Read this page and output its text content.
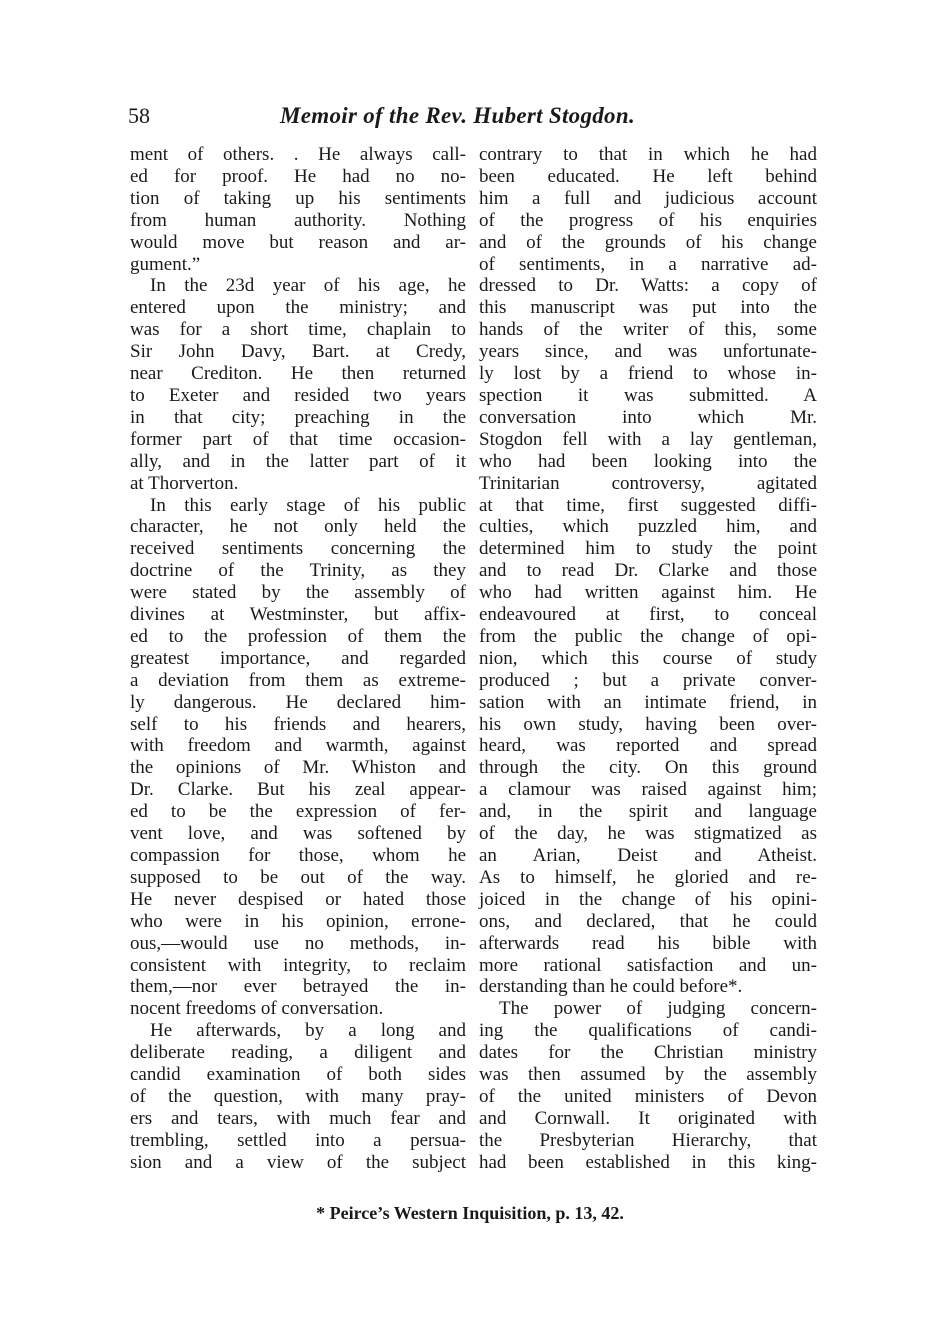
58	Memoir of the Rev. Hubert Stogdon.
ment of others. . He always call-
ed for proof. He had no no-
tion of taking up his sentiments
from human authority. Nothing
would move but reason and ar-
gument.”
In the 23d year of his age, he
entered upon the ministry; and
was for a short time, chaplain to
Sir John Davy, Bart. at Credy,
near Crediton. He then returned
to Exeter and resided two years
in that city; preaching in the
former part of that time occasion-
ally, and in the latter part of it
at Thorverton.
In this early stage of his public
character, he not only held the
received sentiments concerning the
doctrine of the Trinity, as they
were stated by the assembly of
divines at Westminster, but affix-
ed to the profession of them the
greatest importance, and regarded
a deviation from them as extreme-
ly dangerous. He declared him-
self to his friends and hearers,
with freedom and warmth, against
the opinions of Mr. Whiston and
Dr. Clarke. But his zeal appear-
ed to be the expression of fer-
vent love, and was softened by
compassion for those, whom he
supposed to be out of the way.
He never despised or hated those
who were in his opinion, errone-
ous,—would use no methods, in-
consistent with integrity, to reclaim
them,—nor ever betrayed the in-
nocent freedoms of conversation.
He afterwards, by a long and
deliberate reading, a diligent and
candid examination of both sides
of the question, with many pray-
ers and tears, with much fear and
trembling, settled into a persua-
sion and a view of the subject
contrary to that in which he had
been educated. He left behind
him a full and judicious account
of the progress of his enquiries
and of the grounds of his change
of sentiments, in a narrative ad-
dressed to Dr. Watts: a copy of
this manuscript was put into the
hands of the writer of this, some
years since, and was unfortunate-
ly lost by a friend to whose in-
spection it was submitted. A
conversation into which Mr.
Stogdon fell with a lay gentleman,
who had been looking into the
Trinitarian controversy, agitated
at that time, first suggested diffi-
culties, which puzzled him, and
determined him to study the point
and to read Dr. Clarke and those
who had written against him. He
endeavoured at first, to conceal
from the public the change of opi-
nion, which this course of study
produced ; but a private conver-
sation with an intimate friend, in
his own study, having been over-
heard, was reported and spread
through the city. On this ground
a clamour was raised against him;
and, in the spirit and language
of the day, he was stigmatized as
an Arian, Deist and Atheist.
As to himself, he gloried and re-
joiced in the change of his opini-
ons, and declared, that he could
afterwards read his bible with
more rational satisfaction and un-
derstanding than he could before*.
The power of judging concern-
ing the qualifications of candi-
dates for the Christian ministry
was then assumed by the assembly
of the united ministers of Devon
and Cornwall. It originated with
the Presbyterian Hierarchy, that
had been established in this king-
* Peirce’s Western Inquisition, p. 13, 42.
